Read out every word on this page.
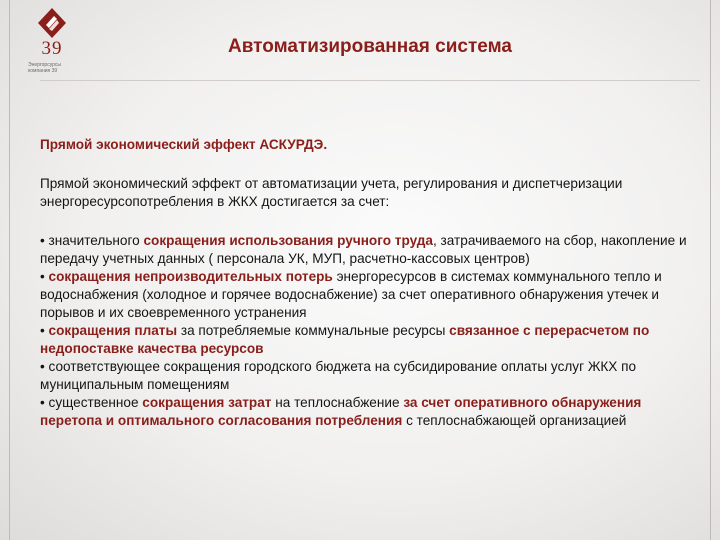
39
Энергорсурсы
компания 39
Автоматизированная система

Прямой экономический эффект АСКУРДЭ.

Прямой экономический эффект от автоматизации учета, регулирования и диспетчеризации энергоресурсопотребления в ЖКХ достигается за счет:

• значительного сокращения использования ручного труда, затрачиваемого на сбор, накопление и передачу учетных данных ( персонала УК, МУП, расчетно-кассовых центров)

• сокращения непроизводительных потерь энергоресурсов в системах коммунального тепло и водоснабжения (холодное и горячее водоснабжение) за счет оперативного обнаружения утечек и порывов и их своевременного устранения

• сокращения платы за потребляемые коммунальные ресурсы связанное с перерасчетом по недопоставке качества ресурсов

• соответствующее сокращения городского бюджета на субсидирование оплаты услуг ЖКХ по муниципальным помещениям

• существенное сокращения затрат на теплоснабжение за счет оперативного обнаружения перетопа и оптимального согласования потребления с теплоснабжающей организацией
